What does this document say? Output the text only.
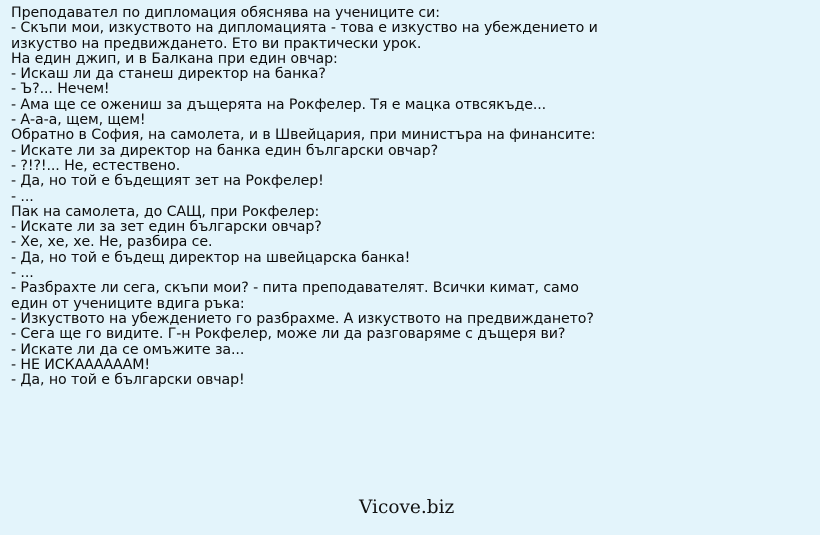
Преподавател по дипломация обяснява на учениците си:
- Скъпи мои, изкуството на дипломацията - това е изкуство на убеждението и
изкуство на предвиждането. Ето ви практически урок.
На един джип, и в Балкана при един овчар:
- Искаш ли да станеш директор на банка?
- Ъ?... Нечем!
- Ама ще се ожениш за дъщерята на Рокфелер. Тя е мацка отвсякъде...
- А-а-а, щем, щем!
Обратно в София, на самолета, и в Швейцария, при министъра на финансите:
- Искате ли за директор на банка един български овчар?
- ?!?!... Не, естествено.
- Да, но той е бъдещият зет на Рокфелер!
- ...
Пак на самолета, до САЩ, при Рокфелер:
- Искате ли за зет един български овчар?
- Хе, хе, хе. Не, разбира се.
- Да, но той е бъдещ директор на швейцарска банка!
- ...
- Разбрахте ли сега, скъпи мои? - пита преподавателят. Всички кимат, само
един от учениците вдига ръка:
- Изкуството на убеждението го разбрахме. А изкуството на предвиждането?
- Сега ще го видите. Г-н Рокфелер, може ли да разговаряме с дъщеря ви?
- Искате ли да се омъжите за...
- НЕ ИСКААААААМ!
- Да, но той е български овчар!
Vicove.biz
